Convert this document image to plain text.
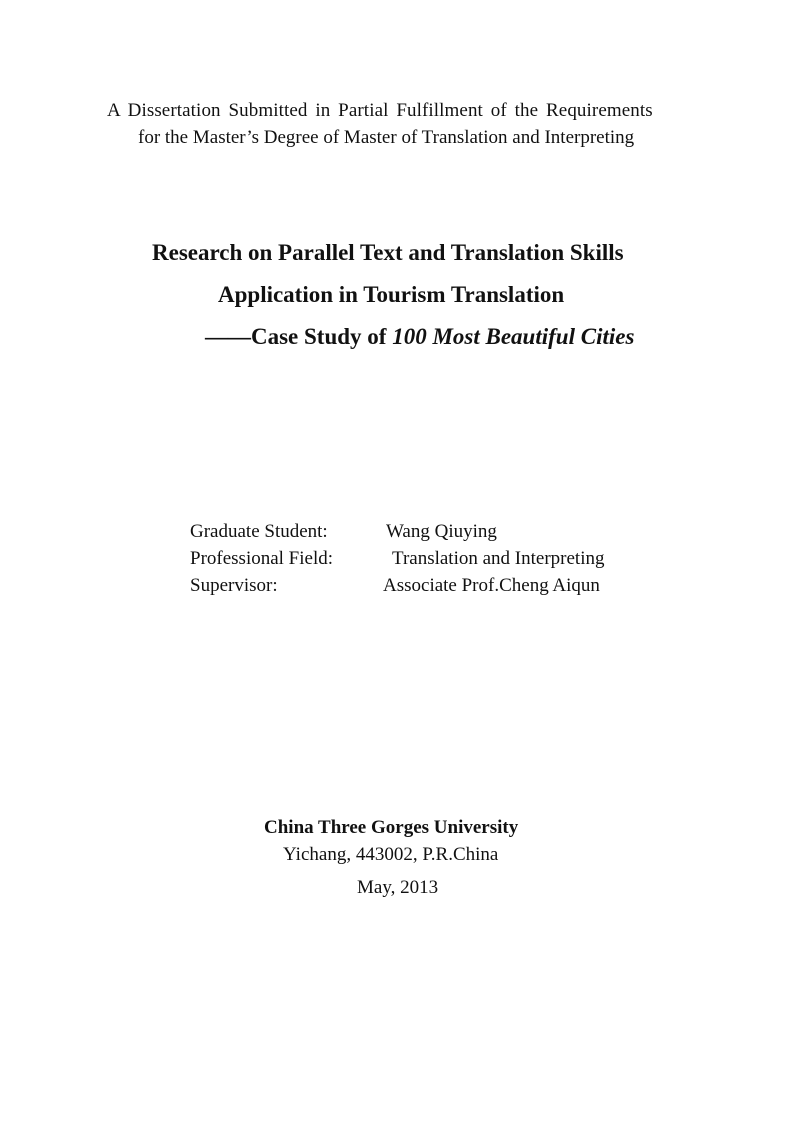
A Dissertation Submitted in Partial Fulfillment of the Requirements
for the Master’s Degree of Master of Translation and Interpreting
Research on Parallel Text and Translation Skills
Application in Tourism Translation
——Case Study of 100 Most Beautiful Cities
Graduate Student:	Wang Qiuying
Professional Field:	Translation and Interpreting
Supervisor:	Associate Prof.Cheng Aiqun
China Three Gorges University
Yichang, 443002, P.R.China
May, 2013
